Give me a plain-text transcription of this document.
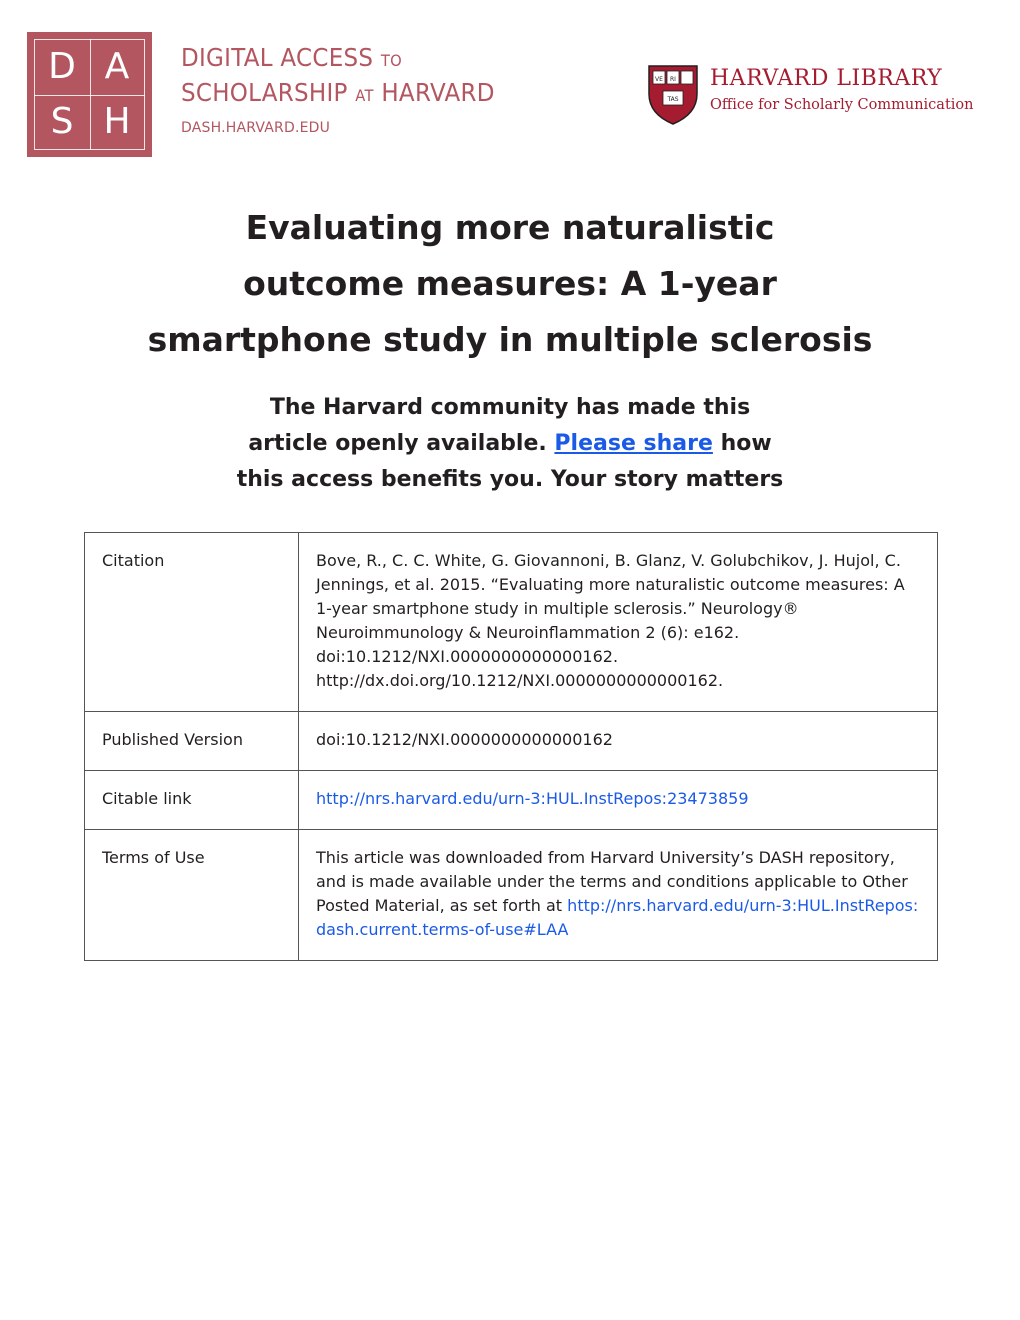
D A
S H
DIGITAL ACCESS TO
SCHOLARSHIP AT HARVARD
DASH.HARVARD.EDU
VE RI
TAS
HARVARD LIBRARY
Office for Scholarly Communication
Evaluating more naturalistic
outcome measures: A 1-year
smartphone study in multiple sclerosis
The Harvard community has made this
article openly available. Please share how
this access benefits you. Your story matters
Citation	Bove, R., C. C. White, G. Giovannoni, B. Glanz, V. Golubchikov, J. Hujol, C. Jennings, et al. 2015. “Evaluating more naturalistic outcome measures: A 1-year smartphone study in multiple sclerosis.” Neurology® Neuroimmunology & Neuroinflammation 2 (6): e162. doi:10.1212/NXI.0000000000000162. http://dx.doi.org/10.1212/NXI.0000000000000162.
Published Version	doi:10.1212/NXI.0000000000000162
Citable link	http://nrs.harvard.edu/urn-3:HUL.InstRepos:23473859
Terms of Use	This article was downloaded from Harvard University’s DASH repository, and is made available under the terms and conditions applicable to Other Posted Material, as set forth at http://nrs.harvard.edu/urn-3:HUL.InstRepos:dash.current.terms-of-use#LAA
